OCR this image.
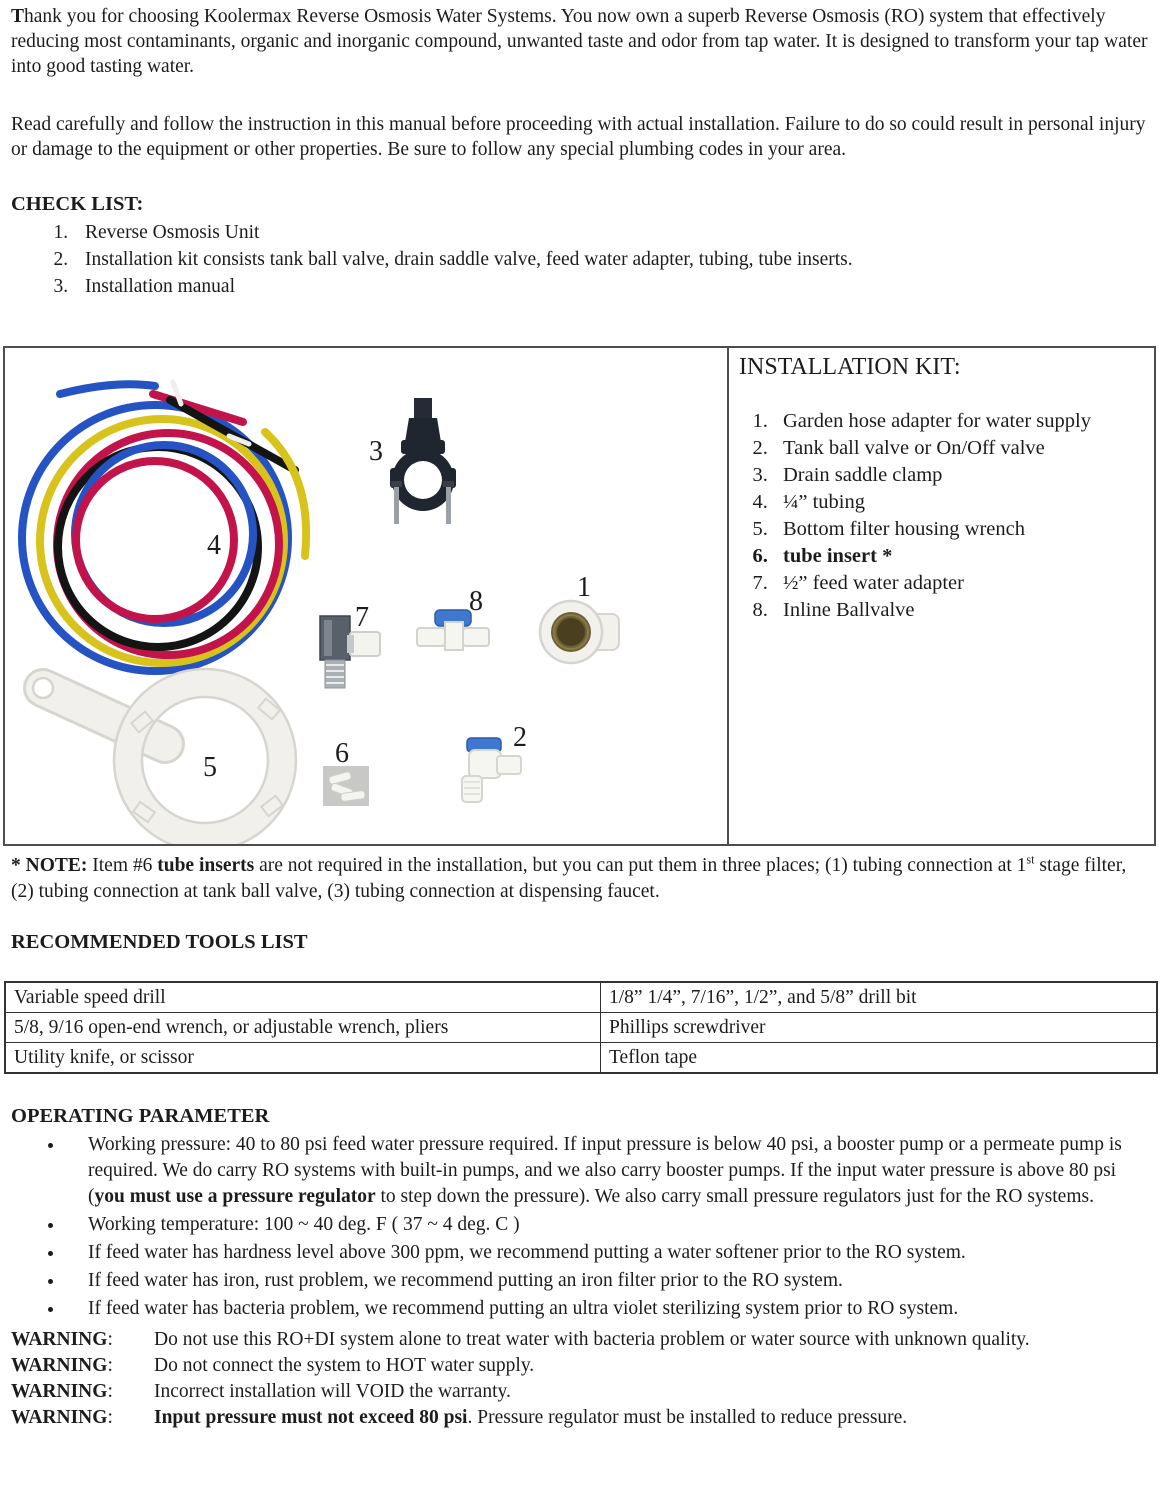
Thank you for choosing Koolermax Reverse Osmosis Water Systems. You now own a superb Reverse Osmosis (RO) system that effectively reducing most contaminants, organic and inorganic compound, unwanted taste and odor from tap water. It is designed to transform your tap water into good tasting water.

Read carefully and follow the instruction in this manual before proceeding with actual installation. Failure to do so could result in personal injury or damage to the equipment or other properties. Be sure to follow any special plumbing codes in your area.

CHECK LIST:
1. Reverse Osmosis Unit
2. Installation kit consists tank ball valve, drain saddle valve, feed water adapter, tubing, tube inserts.
3. Installation manual
1
2
3
4
5	6
7
8

INSTALLATION KIT:

1. Garden hose adapter for water supply
2. Tank ball valve or On/Off valve
3. Drain saddle clamp
4. ¼” tubing
5. Bottom filter housing wrench
6. tube insert *
7. ½” feed water adapter
8. Inline Ballvalve

* NOTE: Item #6 tube inserts are not required in the installation, but you can put them in three places; (1) tubing connection at 1st stage filter, (2) tubing connection at tank ball valve, (3) tubing connection at dispensing faucet.

RECOMMENDED TOOLS LIST
Variable speed drill	1/8” 1/4”, 7/16”, 1/2”, and 5/8” drill bit
5/8, 9/16 open-end wrench, or adjustable wrench, pliers	Phillips screwdriver
Utility knife, or scissor	Teflon tape
OPERATING PARAMETER
• Working pressure: 40 to 80 psi feed water pressure required. If input pressure is below 40 psi, a booster pump or a permeate pump is required. We do carry RO systems with built-in pumps, and we also carry booster pumps. If the input water pressure is above 80 psi (you must use a pressure regulator to step down the pressure). We also carry small pressure regulators just for the RO systems.
• Working temperature: 100 ~ 40 deg. F ( 37 ~ 4 deg. C )
• If feed water has hardness level above 300 ppm, we recommend putting a water softener prior to the RO system.
• If feed water has iron, rust problem, we recommend putting an iron filter prior to the RO system.
• If feed water has bacteria problem, we recommend putting an ultra violet sterilizing system prior to RO system.
WARNING:	Do not use this RO+DI system alone to treat water with bacteria problem or water source with unknown quality.
WARNING:	Do not connect the system to HOT water supply.
WARNING:	Incorrect installation will VOID the warranty.
WARNING:	Input pressure must not exceed 80 psi. Pressure regulator must be installed to reduce pressure.
